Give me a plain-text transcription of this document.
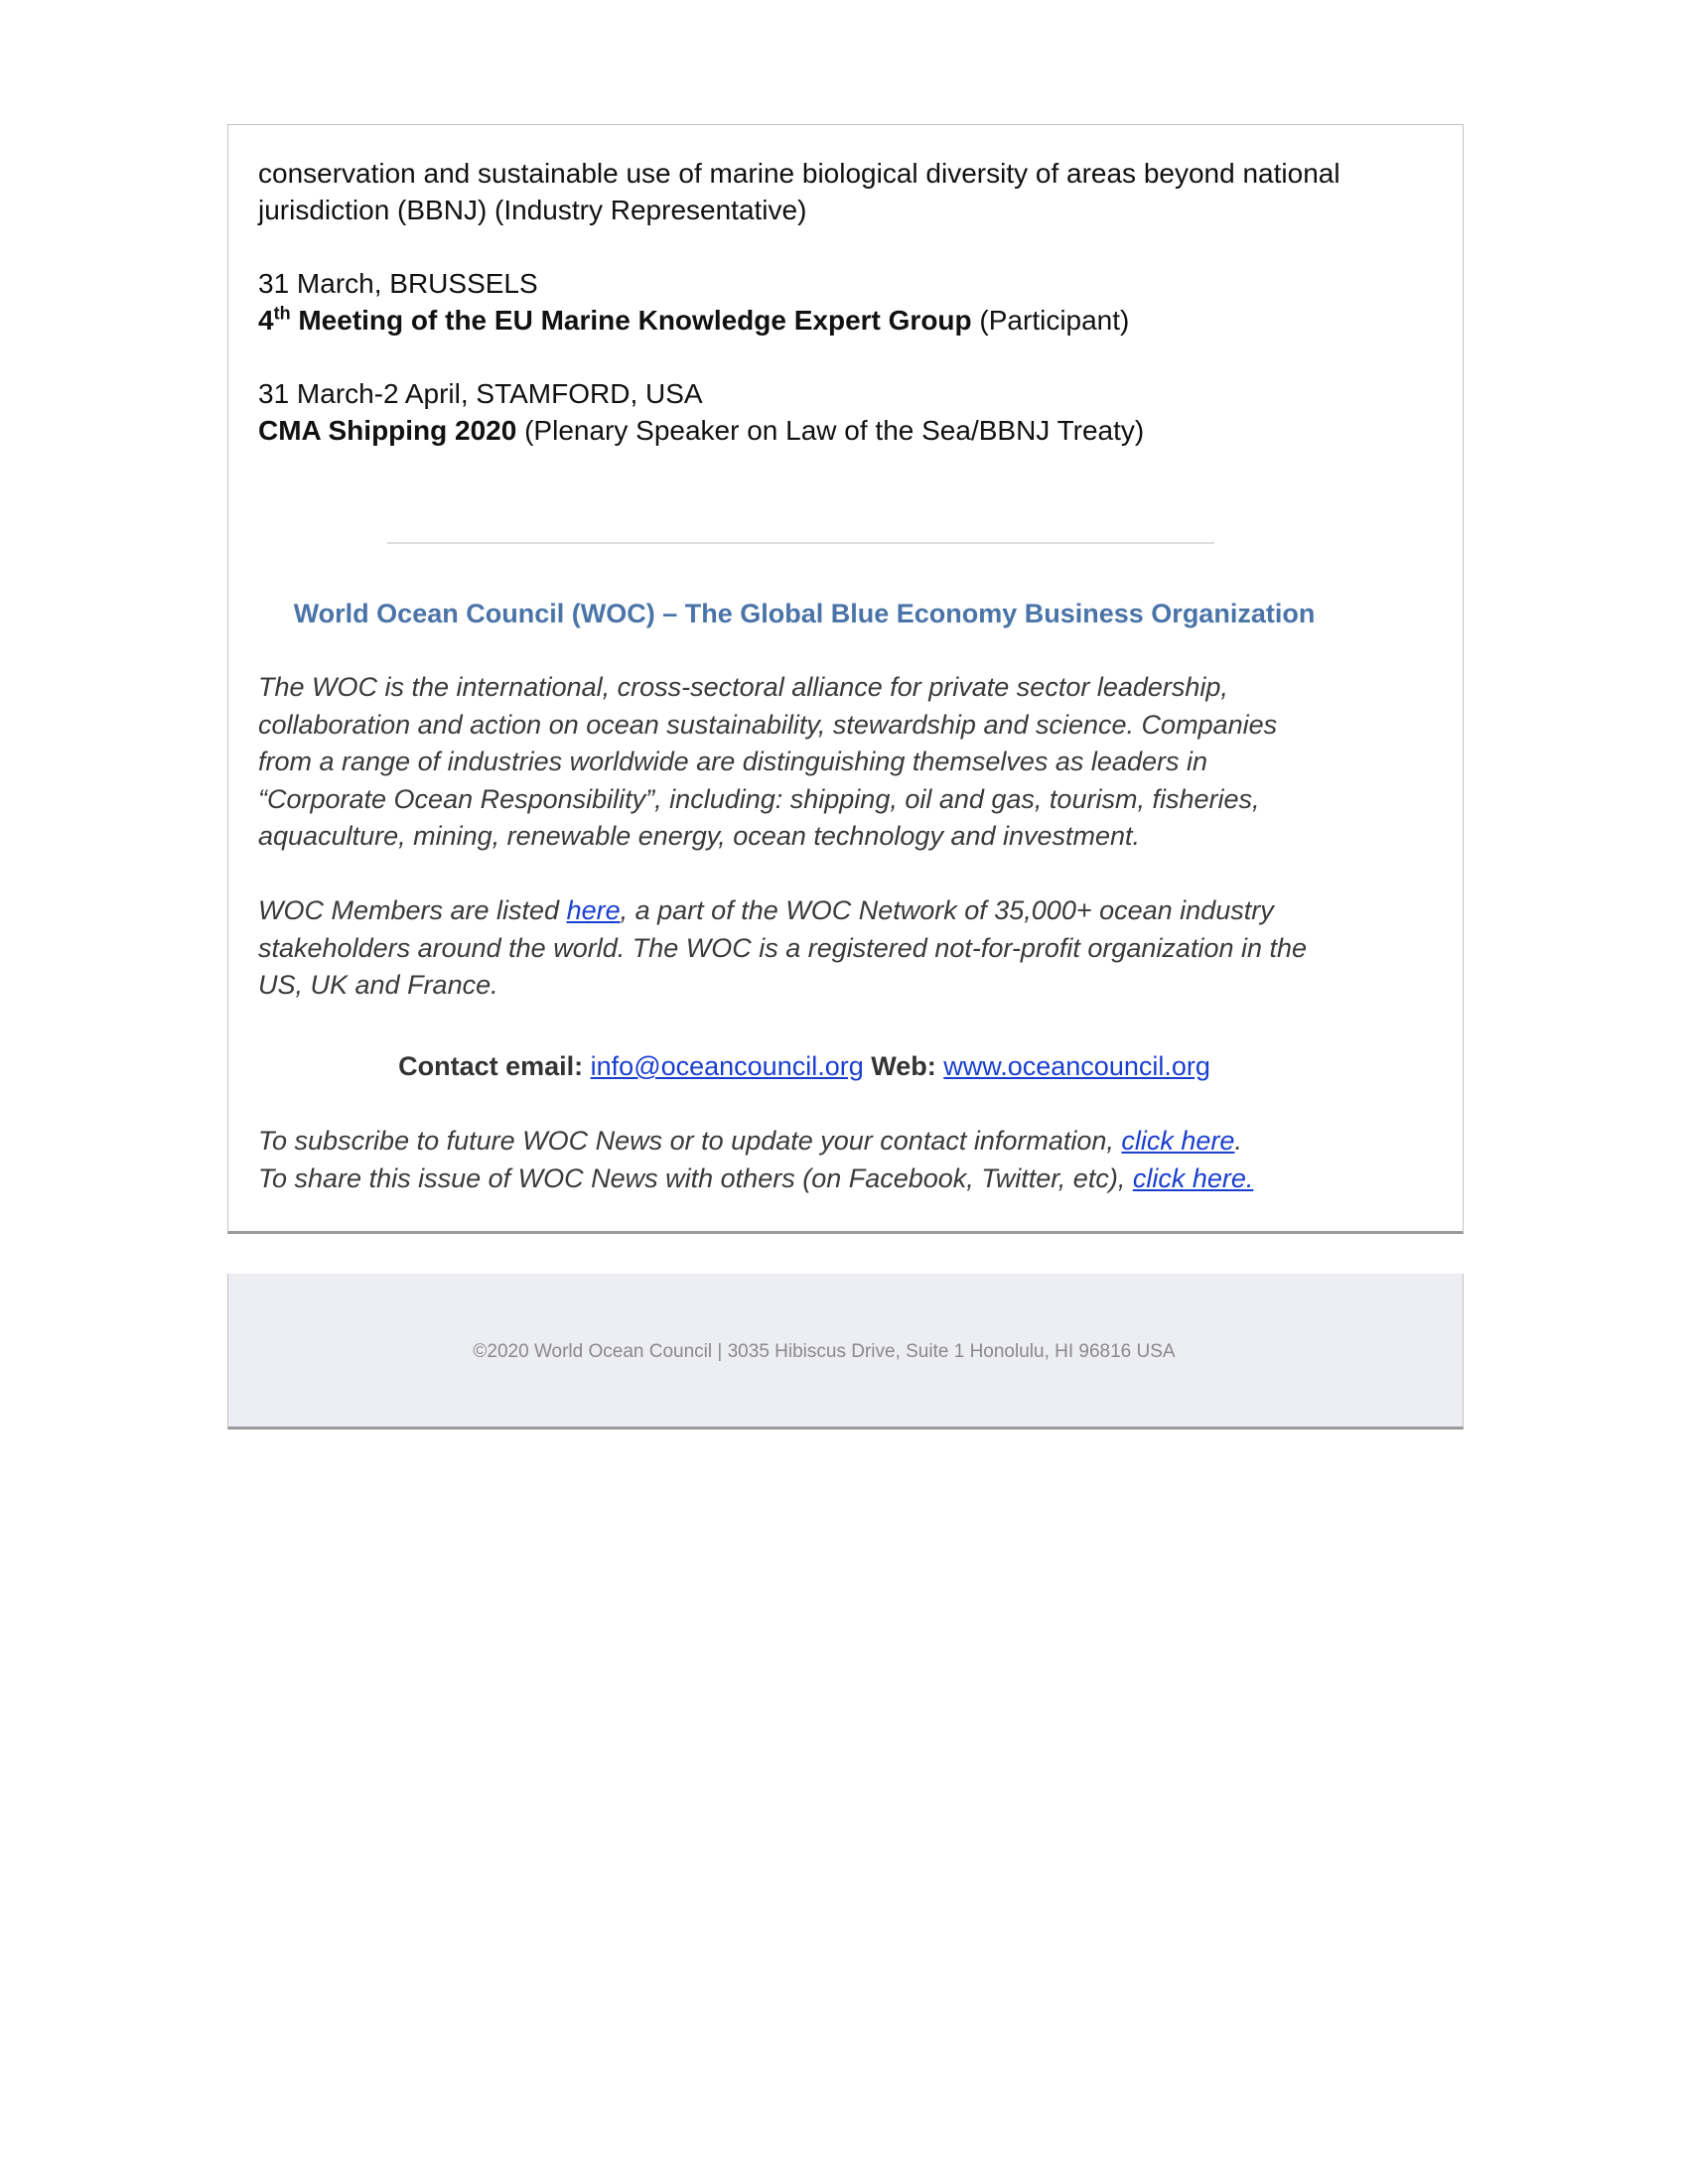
conservation and sustainable use of marine biological diversity of areas beyond national
jurisdiction (BBNJ) (Industry Representative)
31 March, BRUSSELS
4th Meeting of the EU Marine Knowledge Expert Group (Participant)
31 March-2 April, STAMFORD, USA
CMA Shipping 2020 (Plenary Speaker on Law of the Sea/BBNJ Treaty)
World Ocean Council (WOC) – The Global Blue Economy Business Organization
The WOC is the international, cross-sectoral alliance for private sector leadership,
collaboration and action on ocean sustainability, stewardship and science. Companies
from a range of industries worldwide are distinguishing themselves as leaders in
“Corporate Ocean Responsibility”, including: shipping, oil and gas, tourism, fisheries,
aquaculture, mining, renewable energy, ocean technology and investment.
WOC Members are listed here, a part of the WOC Network of 35,000+ ocean industry
stakeholders around the world. The WOC is a registered not-for-profit organization in the
US, UK and France.
Contact email: info@oceancouncil.org Web: www.oceancouncil.org
To subscribe to future WOC News or to update your contact information, click here.
To share this issue of WOC News with others (on Facebook, Twitter, etc), click here.
©2020 World Ocean Council | 3035 Hibiscus Drive, Suite 1 Honolulu, HI 96816 USA
